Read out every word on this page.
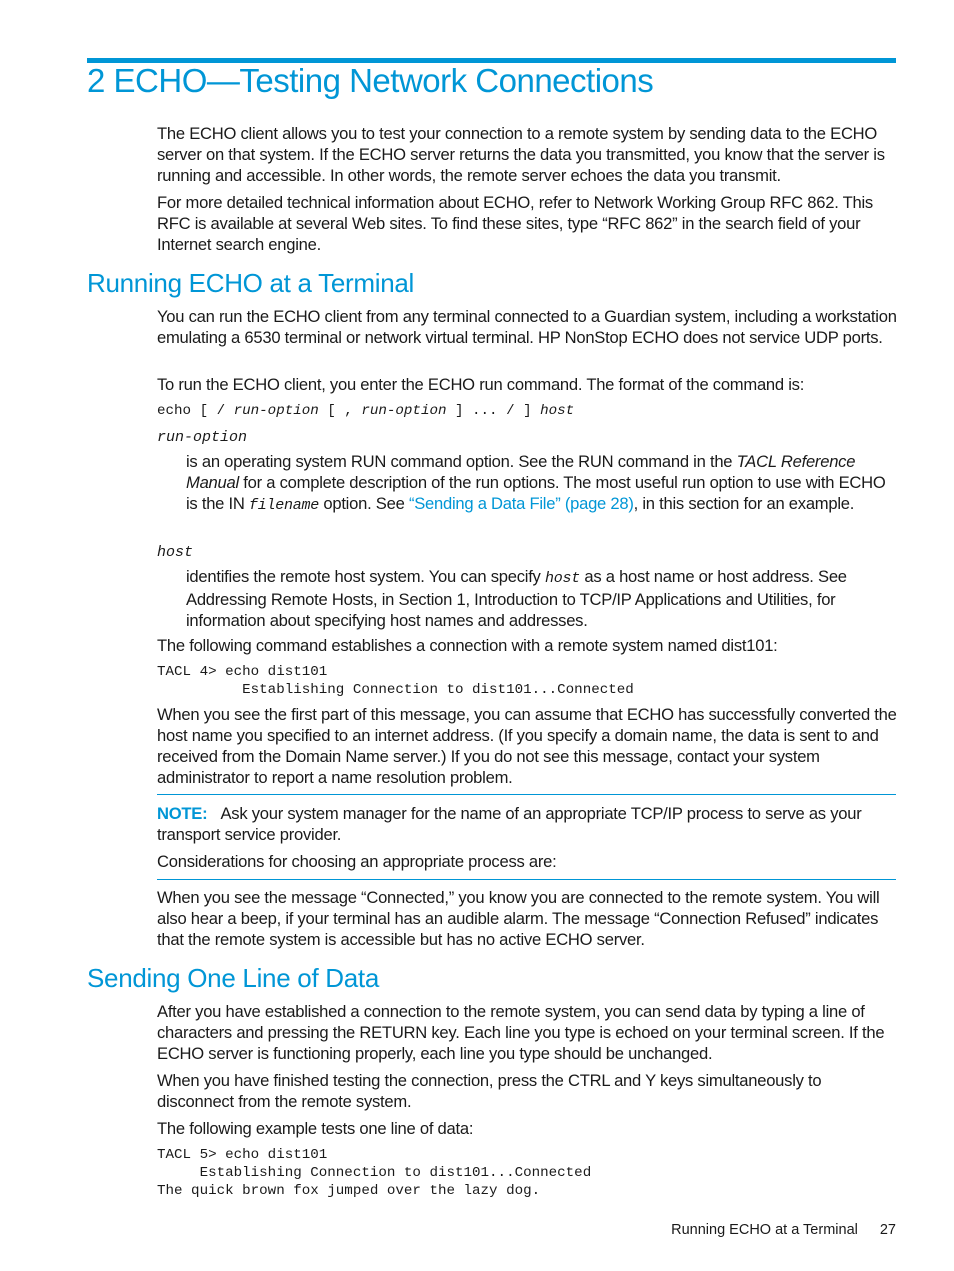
2 ECHO—Testing Network Connections

The ECHO client allows you to test your connection to a remote system by sending data to the ECHO server on that system. If the ECHO server returns the data you transmitted, you know that the server is running and accessible. In other words, the remote server echoes the data you transmit.

For more detailed technical information about ECHO, refer to Network Working Group RFC 862. This RFC is available at several Web sites. To find these sites, type “RFC 862” in the search field of your Internet search engine.

Running ECHO at a Terminal

You can run the ECHO client from any terminal connected to a Guardian system, including a workstation emulating a 6530 terminal or network virtual terminal. HP NonStop ECHO does not service UDP ports.

To run the ECHO client, you enter the ECHO run command. The format of the command is:

echo [ / run-option [ , run-option ] ... / ] host
run-option

is an operating system RUN command option. See the RUN command in the TACL Reference Manual for a complete description of the run options. The most useful run option to use with ECHO is the IN filename option. See “Sending a Data File” (page 28), in this section for an example.

host

identifies the remote host system. You can specify host as a host name or host address. See Addressing Remote Hosts, in Section 1, Introduction to TCP/IP Applications and Utilities, for information about specifying host names and addresses.

The following command establishes a connection with a remote system named dist101:

TACL 4> echo dist101
Establishing Connection to dist101...Connected

When you see the first part of this message, you can assume that ECHO has successfully converted the host name you specified to an internet address. (If you specify a domain name, the data is sent to and received from the Domain Name server.) If you do not see this message, contact your system administrator to report a name resolution problem.

NOTE: Ask your system manager for the name of an appropriate TCP/IP process to serve as your transport service provider.

Considerations for choosing an appropriate process are:

When you see the message “Connected,” you know you are connected to the remote system. You will also hear a beep, if your terminal has an audible alarm. The message “Connection Refused” indicates that the remote system is accessible but has no active ECHO server.

Sending One Line of Data

After you have established a connection to the remote system, you can send data by typing a line of characters and pressing the RETURN key. Each line you type is echoed on your terminal screen. If the ECHO server is functioning properly, each line you type should be unchanged.

When you have finished testing the connection, press the CTRL and Y keys simultaneously to disconnect from the remote system.

The following example tests one line of data:

TACL 5> echo dist101
Establishing Connection to dist101...Connected
The quick brown fox jumped over the lazy dog.
Running ECHO at a Terminal 27
